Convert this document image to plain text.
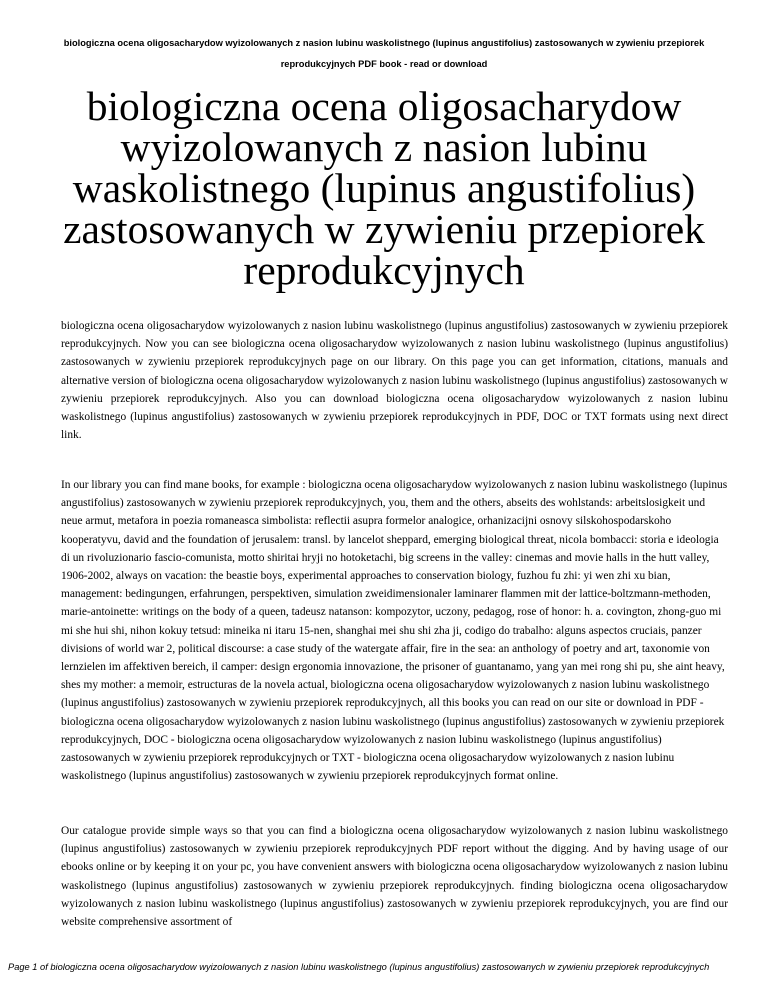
biologiczna ocena oligosacharydow wyizolowanych z nasion lubinu waskolistnego (lupinus angustifolius) zastosowanych w zywieniu przepiorek reprodukcyjnych PDF book - read or download
biologiczna ocena oligosacharydow wyizolowanych z nasion lubinu waskolistnego (lupinus angustifolius) zastosowanych w zywieniu przepiorek reprodukcyjnych

biologiczna ocena oligosacharydow wyizolowanych z nasion lubinu waskolistnego (lupinus angustifolius) zastosowanych w zywieniu przepiorek reprodukcyjnych. Now you can see biologiczna ocena oligosacharydow wyizolowanych z nasion lubinu waskolistnego (lupinus angustifolius) zastosowanych w zywieniu przepiorek reprodukcyjnych page on our library. On this page you can get information, citations, manuals and alternative version of biologiczna ocena oligosacharydow wyizolowanych z nasion lubinu waskolistnego (lupinus angustifolius) zastosowanych w zywieniu przepiorek reprodukcyjnych. Also you can download biologiczna ocena oligosacharydow wyizolowanych z nasion lubinu waskolistnego (lupinus angustifolius) zastosowanych w zywieniu przepiorek reprodukcyjnych in PDF, DOC or TXT formats using next direct link.

In our library you can find mane books, for example : biologiczna ocena oligosacharydow wyizolowanych z nasion lubinu waskolistnego (lupinus angustifolius) zastosowanych w zywieniu przepiorek reprodukcyjnych, you, them and the others, abseits des wohlstands: arbeitslosigkeit und neue armut, metafora in poezia romaneasca simbolista: reflectii asupra formelor analogice, orhanizacijni osnovy silskohospodarskoho kooperatyvu, david and the foundation of jerusalem: transl. by lancelot sheppard, emerging biological threat, nicola bombacci: storia e ideologia di un rivoluzionario fascio-comunista, motto shiritai hryji no hotoketachi, big screens in the valley: cinemas and movie halls in the hutt valley, 1906-2002, always on vacation: the beastie boys, experimental approaches to conservation biology, fuzhou fu zhi: yi wen zhi xu bian, management: bedingungen, erfahrungen, perspektiven, simulation zweidimensionaler laminarer flammen mit der lattice-boltzmann-methoden, marie-antoinette: writings on the body of a queen, tadeusz natanson: kompozytor, uczony, pedagog, rose of honor: h. a. covington, zhong-guo mi mi she hui shi, nihon kokuy tetsud: mineika ni itaru 15-nen, shanghai mei shu shi zha ji, codigo do trabalho: alguns aspectos cruciais, panzer divisions of world war 2, political discourse: a case study of the watergate affair, fire in the sea: an anthology of poetry and art, taxonomie von lernzielen im affektiven bereich, il camper: design ergonomia innovazione, the prisoner of guantanamo, yang yan mei rong shi pu, she aint heavy, shes my mother: a memoir, estructuras de la novela actual, biologiczna ocena oligosacharydow wyizolowanych z nasion lubinu waskolistnego (lupinus angustifolius) zastosowanych w zywieniu przepiorek reprodukcyjnych, all this books you can read on our site or download in PDF - biologiczna ocena oligosacharydow wyizolowanych z nasion lubinu waskolistnego (lupinus angustifolius) zastosowanych w zywieniu przepiorek reprodukcyjnych, DOC - biologiczna ocena oligosacharydow wyizolowanych z nasion lubinu waskolistnego (lupinus angustifolius) zastosowanych w zywieniu przepiorek reprodukcyjnych or TXT - biologiczna ocena oligosacharydow wyizolowanych z nasion lubinu waskolistnego (lupinus angustifolius) zastosowanych w zywieniu przepiorek reprodukcyjnych format online.

Our catalogue provide simple ways so that you can find a biologiczna ocena oligosacharydow wyizolowanych z nasion lubinu waskolistnego (lupinus angustifolius) zastosowanych w zywieniu przepiorek reprodukcyjnych PDF report without the digging. And by having usage of our ebooks online or by keeping it on your pc, you have convenient answers with biologiczna ocena oligosacharydow wyizolowanych z nasion lubinu waskolistnego (lupinus angustifolius) zastosowanych w zywieniu przepiorek reprodukcyjnych. finding biologiczna ocena oligosacharydow wyizolowanych z nasion lubinu waskolistnego (lupinus angustifolius) zastosowanych w zywieniu przepiorek reprodukcyjnych, you are find our website comprehensive assortment of

Page 1 of biologiczna ocena oligosacharydow wyizolowanych z nasion lubinu waskolistnego (lupinus angustifolius) zastosowanych w zywieniu przepiorek reprodukcyjnych
